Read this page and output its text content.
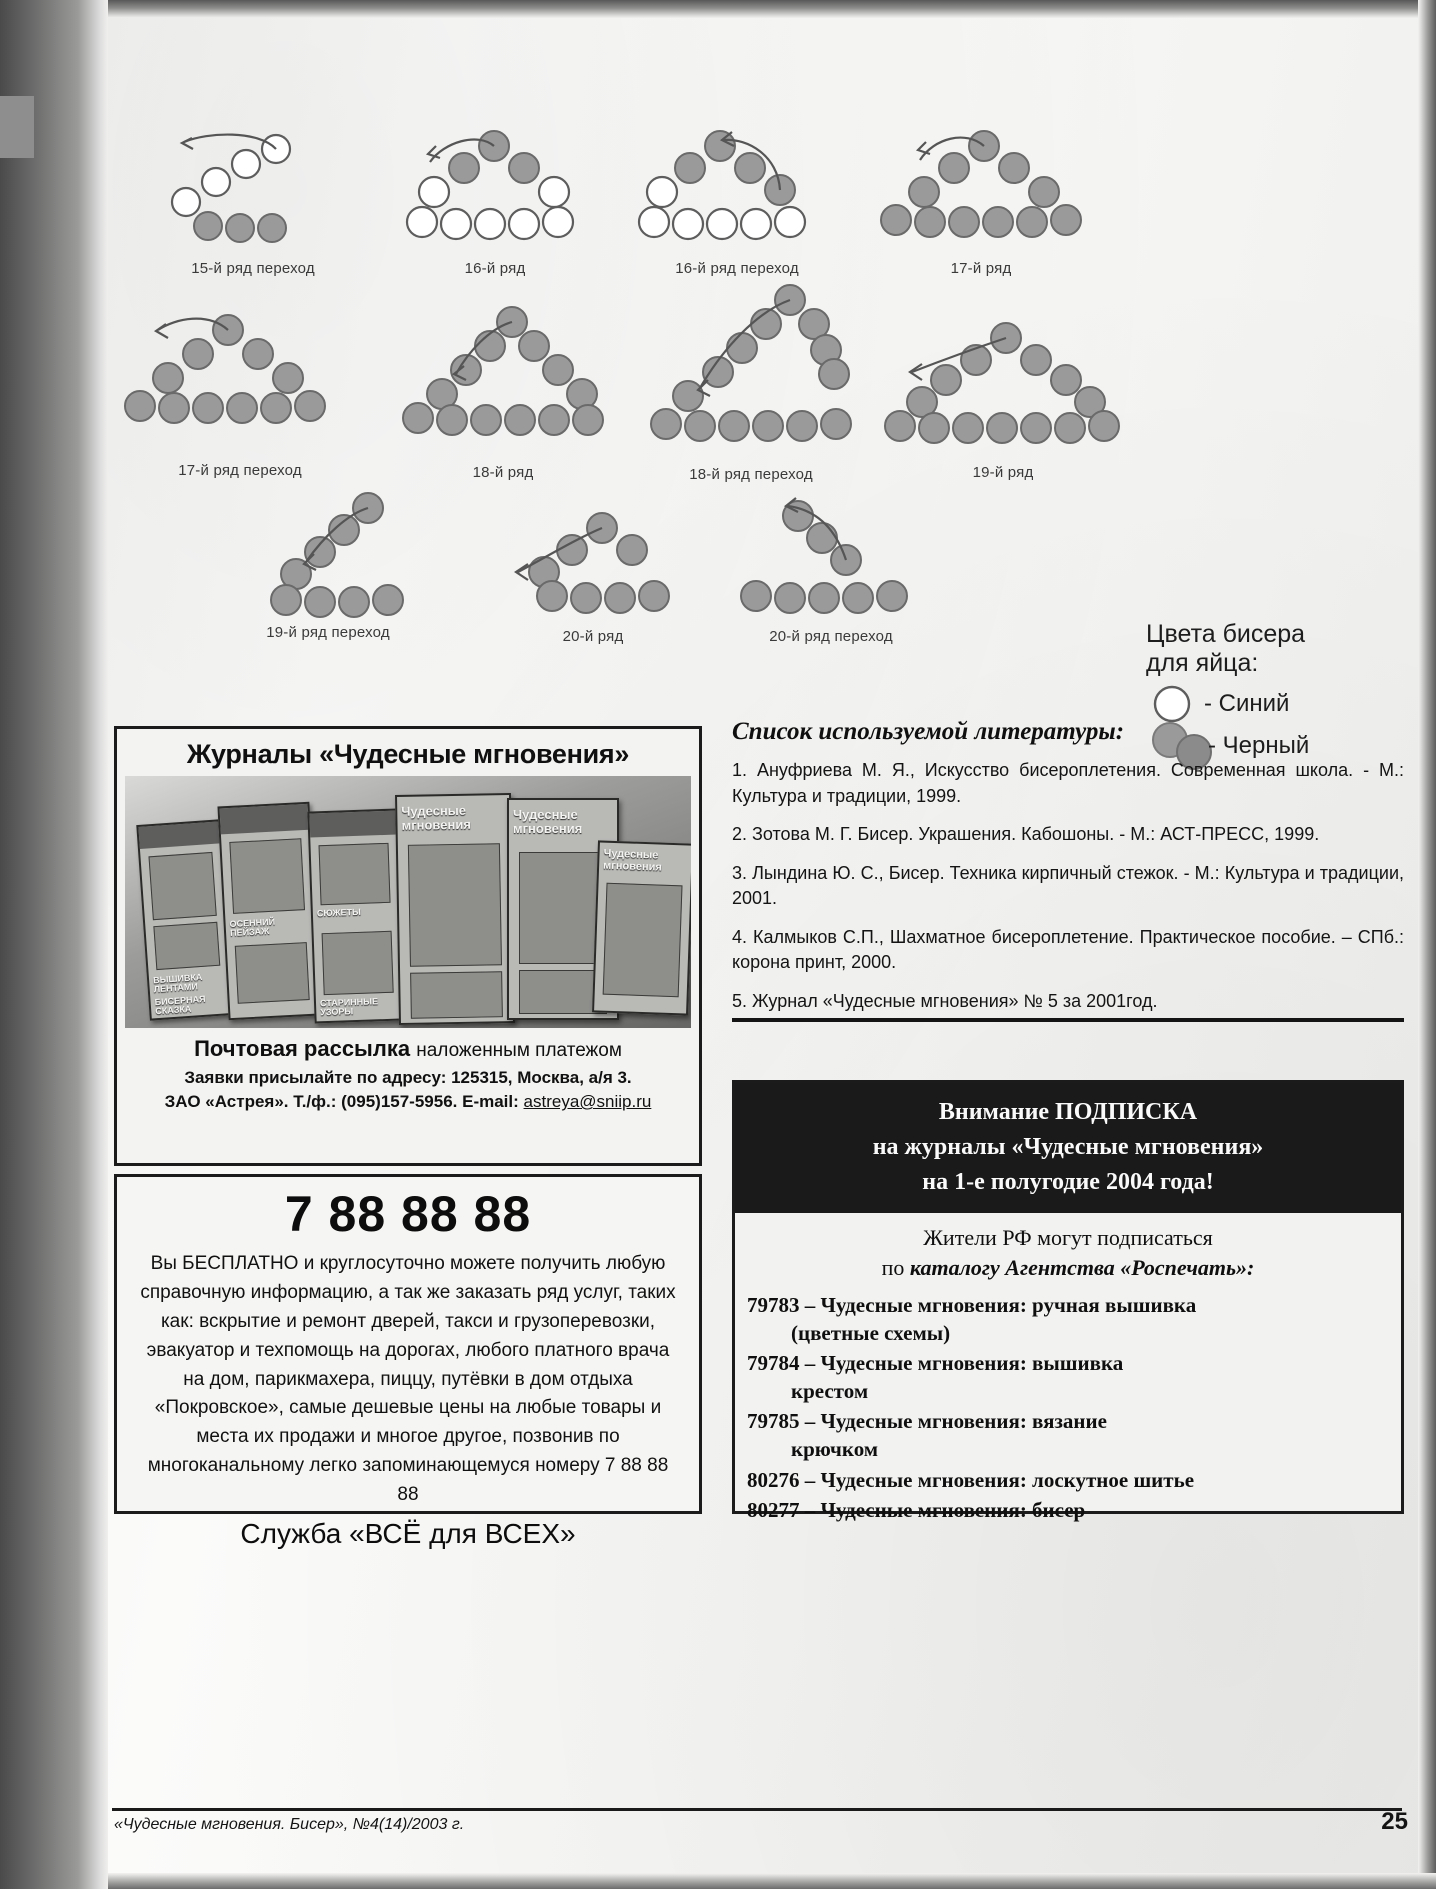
15-й ряд переход	16-й ряд	16-й ряд переход	17-й ряд
17-й ряд переход	18-й ряд	18-й ряд переход	19-й ряд
19-й ряд переход	20-й ряд	20-й ряд переход	Цвета бисера
для яйца:
- Синий
- Черный
Журналы «Чудесные мгновения»
ВЫШИВКА ЛЕНТАМИ
БИСЕРНАЯ СКАЗКА
ОСЕННИЙ ПЕЙЗАЖ
СЮЖЕТЫ
СТАРИННЫЕ УЗОРЫ
Чудесные мгновения
Чудесные мгновения
Чудесные мгновения
Почтовая рассылка наложенным платежом
Заявки присылайте по адресу: 125315, Москва, а/я 3.
ЗАО «Астрея». Т./ф.: (095)157-5956. E-mail: astreya@sniip.ru
7 88 88 88
Вы БЕСПЛАТНО и круглосуточно можете получить любую справочную информацию, а так же заказать ряд услуг, таких как: вскрытие и ремонт дверей, такси и грузоперевозки, эвакуатор и техпомощь на дорогах, любого платного врача на дом, парикмахера, пиццу, путёвки в дом отдыха «Покровское», самые дешевые цены на любые товары и места их продажи и многое другое, позвонив по многоканальному легко запоминающемуся номеру 7 88 88 88
Служба «ВСЁ для ВСЕХ»
Список используемой литературы:
1. Ануфриева М. Я., Искусство бисероплетения. Современная школа. - М.: Культура и традиции, 1999.
2. Зотова М. Г. Бисер. Украшения. Кабошоны. - М.: АСТ-ПРЕСС, 1999.
3. Лындина Ю. С., Бисер. Техника кирпичный стежок. - М.: Культура и традиции, 2001.
4. Калмыков С.П., Шахматное бисероплетение. Практическое пособие. – СПб.: корона принт, 2000.
5. Журнал «Чудесные мгновения» № 5 за 2001год.
Внимание ПОДПИСКА
на журналы «Чудесные мгновения»
на 1-е полугодие 2004 года!
Жители РФ могут подписаться
по каталогу Агентства «Роспечать»:
79783 – Чудесные мгновения: ручная вышивка
(цветные схемы)
79784 – Чудесные мгновения: вышивка
крестом
79785 – Чудесные мгновения: вязание
крючком
80276 – Чудесные мгновения: лоскутное шитье
80277 – Чудесные мгновения: бисер
«Чудесные мгновения. Бисер», №4(14)/2003 г.	25
